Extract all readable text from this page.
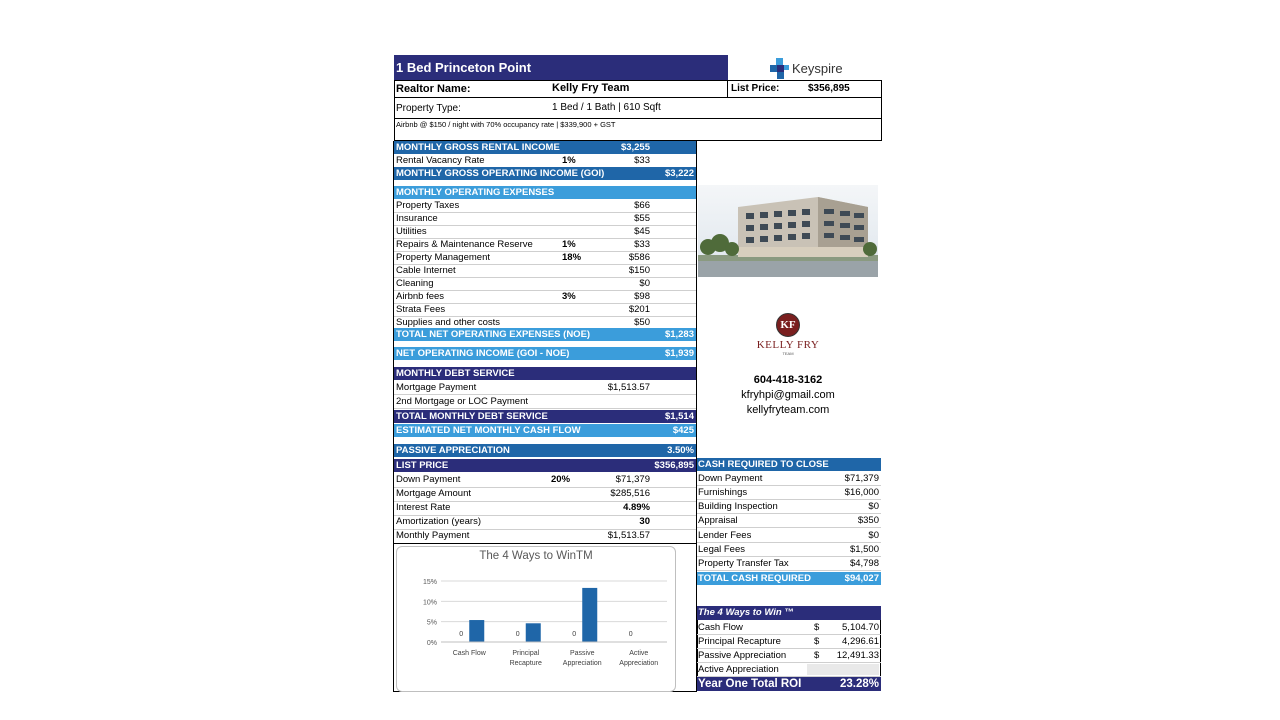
1 Bed Princeton Point	Keyspire
Realtor Name:	Kelly Fry Team	List Price:	$356,895
Property Type:	1 Bed / 1 Bath | 610 Sqft
Airbnb @ $150 / night with 70% occupancy rate | $339,900 + GST
MONTHLY GROSS RENTAL INCOME	$3,255
Rental Vacancy Rate	1%	$33
MONTHLY GROSS OPERATING INCOME (GOI)	$3,222
MONTHLY OPERATING EXPENSES
Property Taxes	$66
Insurance	$55
Utilities	$45
Repairs & Maintenance Reserve	1%	$33
Property Management	18%	$586
Cable Internet	$150
Cleaning	$0
Airbnb fees	3%	$98
Strata Fees	$201
Supplies and other costs	$50
TOTAL NET OPERATING EXPENSES (NOE)	$1,283
NET OPERATING INCOME (GOI - NOE)	$1,939
MONTHLY DEBT SERVICE
Mortgage Payment	$1,513.57
2nd Mortgage or LOC Payment
TOTAL MONTHLY DEBT SERVICE	$1,514
ESTIMATED NET MONTHLY CASH FLOW	$425
PASSIVE APPRECIATION	3.50%
LIST PRICE	$356,895
Down Payment	20%	$71,379
Mortgage Amount	$285,516
Interest Rate	4.89%
Amortization (years)	30
Monthly Payment	$1,513.57
The 4 Ways to WinTM
0%
5%
10%
15%
0
Cash Flow
0
Principal
Recapture
0
Passive
Appreciation
0
Active
Appreciation
KF
KELLY FRY
TEAM
604-418-3162
kfryhpi@gmail.com
kellyfryteam.com
CASH REQUIRED TO CLOSE
Down Payment	$71,379
Furnishings	$16,000
Building Inspection	$0
Appraisal	$350
Lender Fees	$0
Legal Fees	$1,500
Property Transfer Tax	$4,798
TOTAL CASH REQUIRED	$94,027
The 4 Ways to Win ™
Cash Flow	$ 5,104.70
Principal Recapture	$ 4,296.61
Passive Appreciation	$ 12,491.33
Active Appreciation
Year One Total ROI	23.28%
